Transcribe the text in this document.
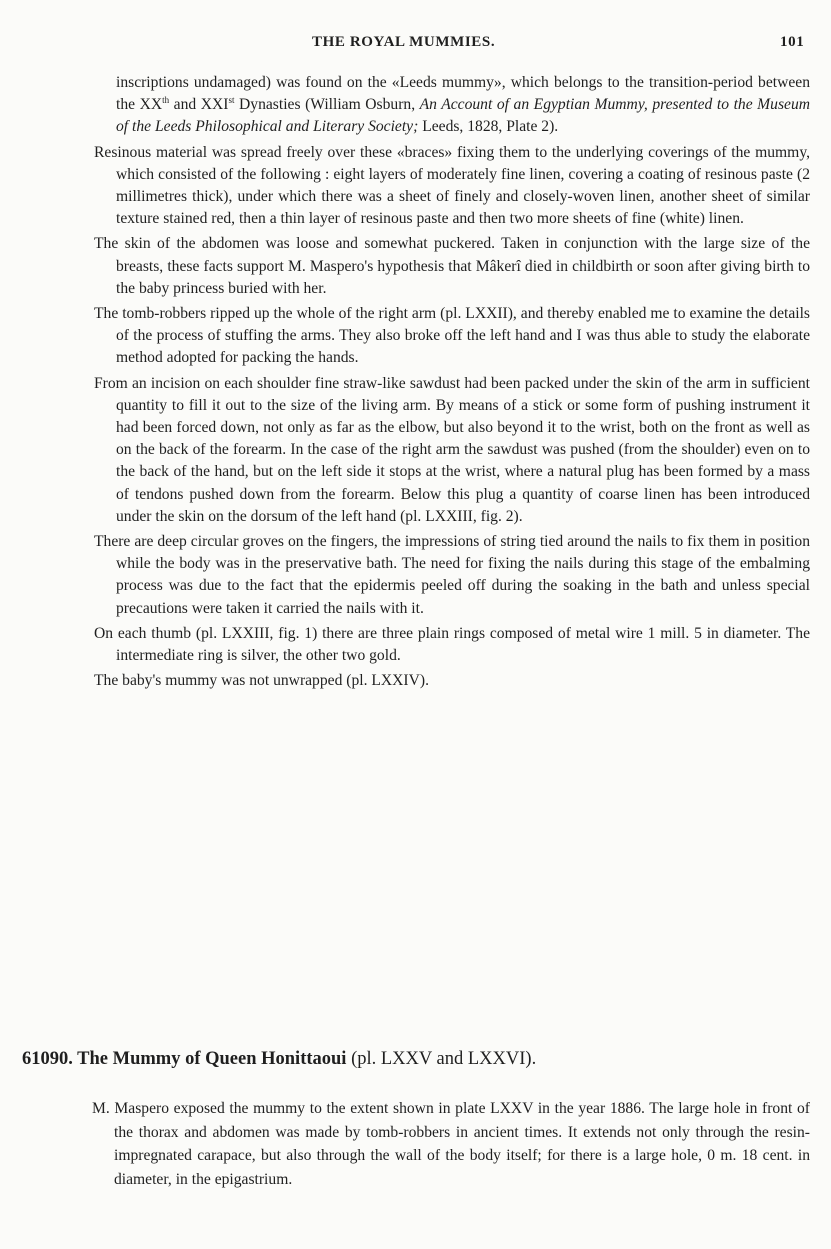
THE ROYAL MUMMIES.	101

inscriptions undamaged) was found on the «Leeds mummy», which belongs to the transition-period between the XXth and XXIst Dynasties (William Osburn, An Account of an Egyptian Mummy, presented to the Museum of the Leeds Philosophical and Literary Society; Leeds, 1828, Plate 2).

Resinous material was spread freely over these «braces» fixing them to the underlying coverings of the mummy, which consisted of the following : eight layers of moderately fine linen, covering a coating of resinous paste (2 millimetres thick), under which there was a sheet of finely and closely-woven linen, another sheet of similar texture stained red, then a thin layer of resinous paste and then two more sheets of fine (white) linen.

The skin of the abdomen was loose and somewhat puckered. Taken in conjunction with the large size of the breasts, these facts support M. Maspero's hypothesis that Mâkerî died in childbirth or soon after giving birth to the baby princess buried with her.

The tomb-robbers ripped up the whole of the right arm (pl. LXXII), and thereby enabled me to examine the details of the process of stuffing the arms. They also broke off the left hand and I was thus able to study the elaborate method adopted for packing the hands.

From an incision on each shoulder fine straw-like sawdust had been packed under the skin of the arm in sufficient quantity to fill it out to the size of the living arm. By means of a stick or some form of pushing instrument it had been forced down, not only as far as the elbow, but also beyond it to the wrist, both on the front as well as on the back of the forearm. In the case of the right arm the sawdust was pushed (from the shoulder) even on to the back of the hand, but on the left side it stops at the wrist, where a natural plug has been formed by a mass of tendons pushed down from the forearm. Below this plug a quantity of coarse linen has been introduced under the skin on the dorsum of the left hand (pl. LXXIII, fig. 2).

There are deep circular groves on the fingers, the impressions of string tied around the nails to fix them in position while the body was in the preservative bath. The need for fixing the nails during this stage of the embalming process was due to the fact that the epidermis peeled off during the soaking in the bath and unless special precautions were taken it carried the nails with it.

On each thumb (pl. LXXIII, fig. 1) there are three plain rings composed of metal wire 1 mill. 5 in diameter. The intermediate ring is silver, the other two gold.

The baby's mummy was not unwrapped (pl. LXXIV).

61090. The Mummy of Queen Honittaoui (pl. LXXV and LXXVI).

M. Maspero exposed the mummy to the extent shown in plate LXXV in the year 1886. The large hole in front of the thorax and abdomen was made by tomb-robbers in ancient times. It extends not only through the resin-impregnated carapace, but also through the wall of the body itself; for there is a large hole, 0 m. 18 cent. in diameter, in the epigastrium.
